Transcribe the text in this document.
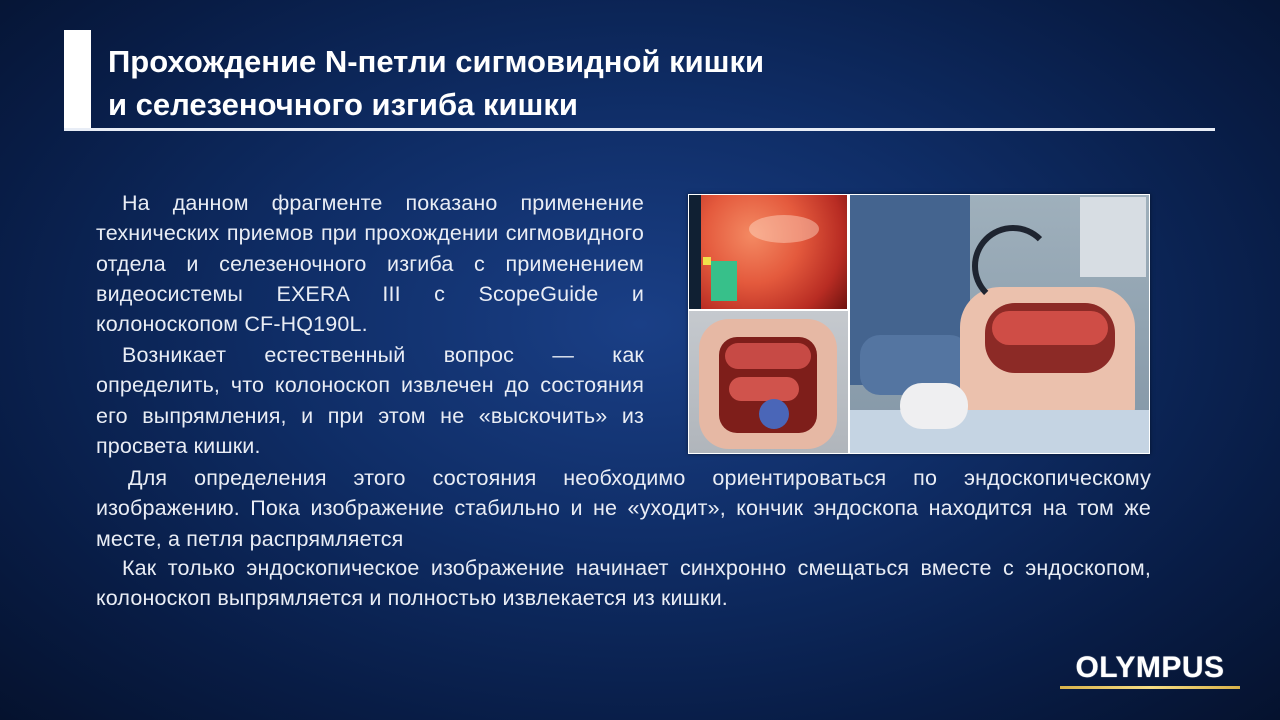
Прохождение N-петли сигмовидной кишки
и селезеночного изгиба кишки

На данном фрагменте показано применение технических приемов при прохождении сигмовидного отдела и селезеночного изгиба с применением видеосистемы EXERA III с ScopeGuide и колоноскопом CF-HQ190L.

Возникает естественный вопрос — как определить, что колоноскоп извлечен до состояния его выпрямления, и при этом не «выскочить» из просвета кишки.

Для определения этого состояния необходимо ориентироваться по эндоскопическому изображению. Пока изображение стабильно и не «уходит», кончик эндоскопа находится на том же месте, а петля распрямляется

Как только эндоскопическое изображение начинает синхронно смещаться вместе с эндоскопом, колоноскоп выпрямляется и полностью извлекается из кишки.

OLYMPUS
